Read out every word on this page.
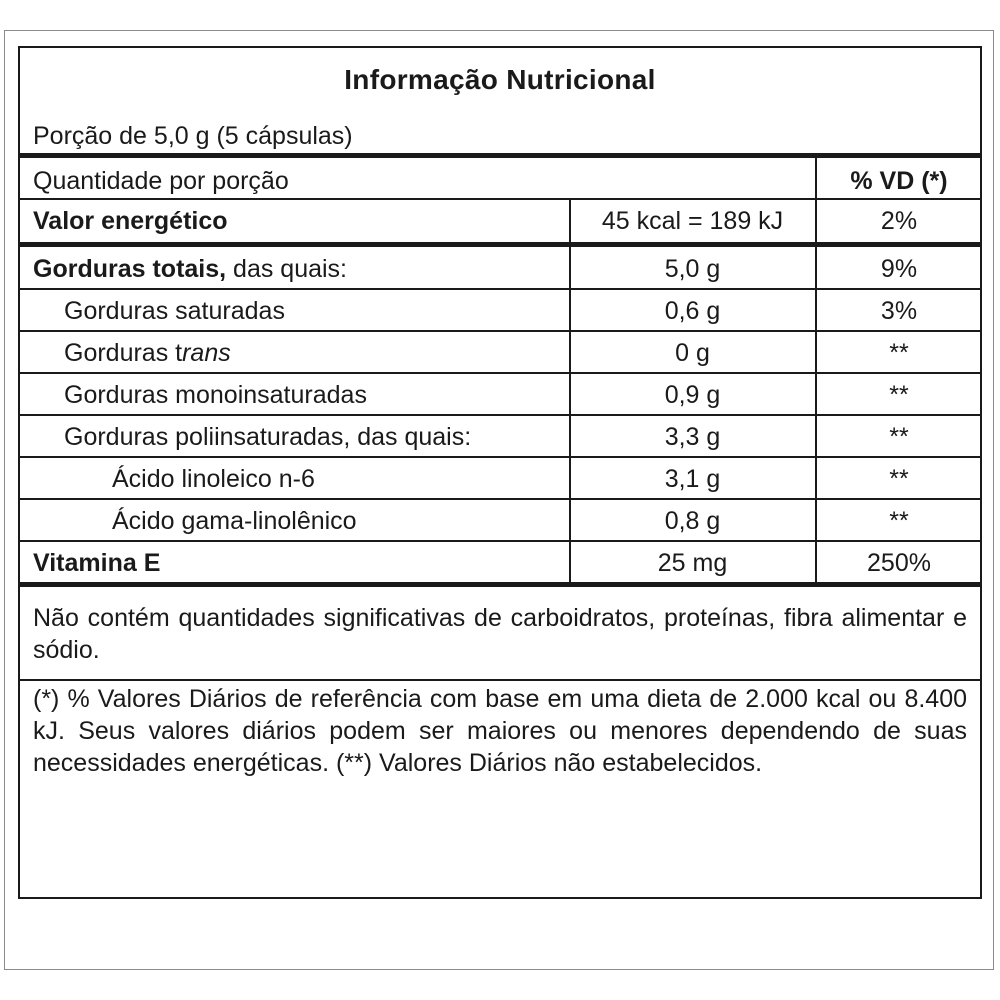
Informação Nutricional
Porção de 5,0 g (5 cápsulas)
Quantidade por porção	% VD (*)
Valor energético	45 kcal = 189 kJ	2%
Gorduras totais, das quais:	5,0 g	9%
Gorduras saturadas	0,6 g	3%
Gorduras trans	0 g	**
Gorduras monoinsaturadas	0,9 g	**
Gorduras poliinsaturadas, das quais:	3,3 g	**
Ácido linoleico n-6	3,1 g	**
Ácido gama-linolênico	0,8 g	**
Vitamina E	25 mg	250%

Não contém quantidades significativas de carboidratos, proteínas, fibra alimentar e sódio.

(*) % Valores Diários de referência com base em uma dieta de 2.000 kcal ou 8.400 kJ. Seus valores diários podem ser maiores ou menores dependendo de suas necessidades energéticas. (**) Valores Diários não estabelecidos.
